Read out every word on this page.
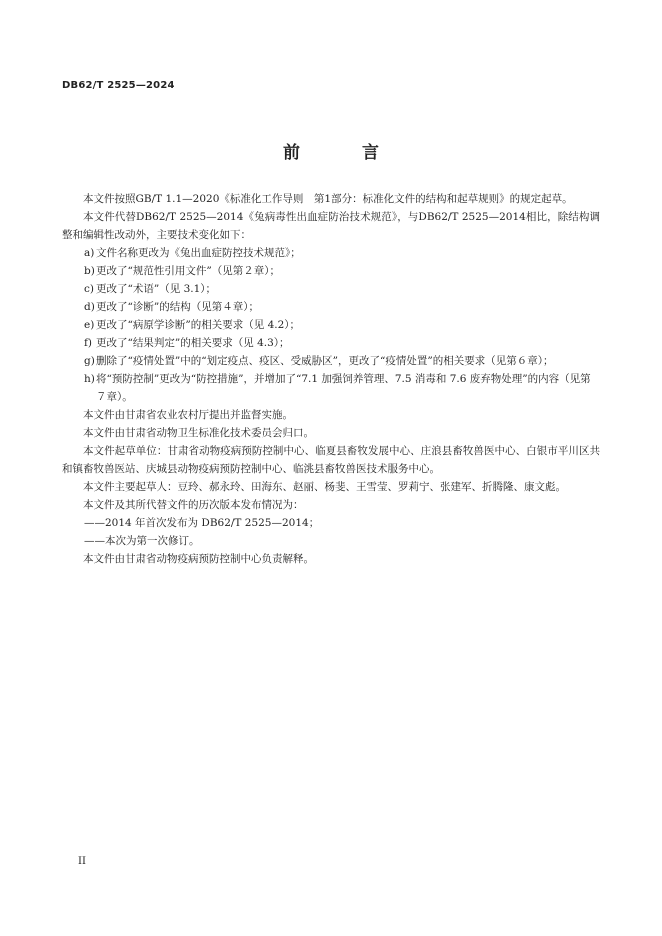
DB62/T 2525—2024
前 言

本文件按照GB/T 1.1—2020《标准化工作导则　第1部分：标准化文件的结构和起草规则》的规定起草。

本文件代替DB62/T 2525—2014《兔病毒性出血症防治技术规范》，与DB62/T 2525—2014相比，除结构调整和编辑性改动外，主要技术变化如下：

a) 文件名称更改为《兔出血症防控技术规范》；
b) 更改了“规范性引用文件”（见第２章）；
c) 更改了“术语”（见 3.1）；
d) 更改了“诊断”的结构（见第４章）；
e) 更改了“病原学诊断”的相关要求（见 4.2）；
f) 更改了“结果判定”的相关要求（见 4.3）；
g) 删除了“疫情处置”中的“划定疫点、疫区、受威胁区”，更改了“疫情处置”的相关要求（见第６章）；
h) 将“预防控制”更改为“防控措施”，并增加了“7.1 加强饲养管理、7.5 消毒和 7.6 废弃物处理”的内容（见第７章）。

本文件由甘肃省农业农村厅提出并监督实施。

本文件由甘肃省动物卫生标准化技术委员会归口。

本文件起草单位：甘肃省动物疫病预防控制中心、临夏县畜牧发展中心、庄浪县畜牧兽医中心、白银市平川区共和镇畜牧兽医站、庆城县动物疫病预防控制中心、临洮县畜牧兽医技术服务中心。

本文件主要起草人：豆玲、郝永玲、田海东、赵丽、杨斐、王雪莹、罗莉宁、张建军、折腾隆、康文彪。

本文件及其所代替文件的历次版本发布情况为：

——2014 年首次发布为 DB62/T 2525—2014；

——本次为第一次修订。

本文件由甘肃省动物疫病预防控制中心负责解释。

II
